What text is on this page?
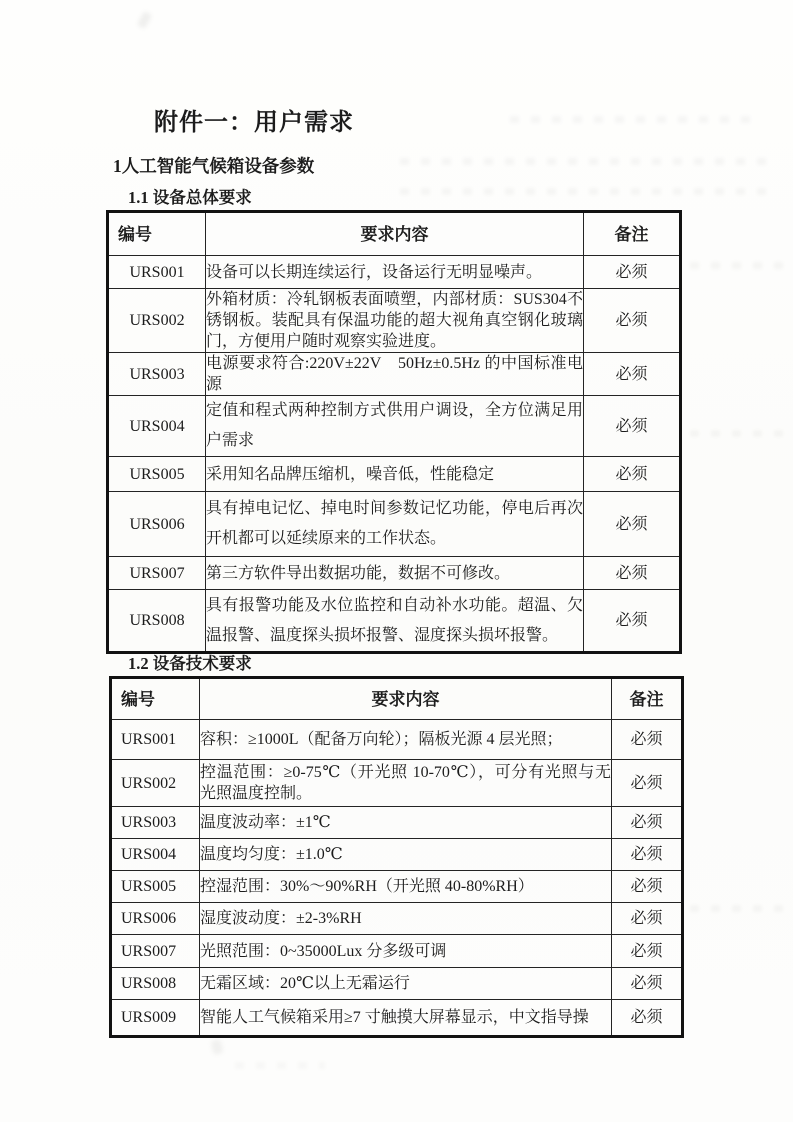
附件一：用户需求
1人工智能气候箱设备参数
1.1 设备总体要求
1.2 设备技术要求
编号	要求内容	备注
URS001	设备可以长期连续运行，设备运行无明显噪声。	必须
URS002	外箱材质：冷轧钢板表面喷塑，内部材质：SUS304不锈钢板。装配具有保温功能的超大视角真空钢化玻璃门，方便用户随时观察实验进度。	必须
URS003	电源要求符合:220V±22V　50Hz±0.5Hz 的中国标准电源	必须
URS004	定值和程式两种控制方式供用户调设，全方位满足用户需求	必须
URS005	采用知名品牌压缩机，噪音低，性能稳定	必须
URS006	具有掉电记忆、掉电时间参数记忆功能，停电后再次开机都可以延续原来的工作状态。	必须
URS007	第三方软件导出数据功能，数据不可修改。	必须
URS008	具有报警功能及水位监控和自动补水功能。超温、欠温报警、温度探头损坏报警、湿度探头损坏报警。	必须
编号	要求内容	备注
URS001	容积：≥1000L（配备万向轮）；隔板光源 4 层光照；	必须
URS002	控温范围：≥0-75℃（开光照 10-70℃），可分有光照与无光照温度控制。	必须
URS003	温度波动率：±1℃	必须
URS004	温度均匀度：±1.0℃	必须
URS005	控湿范围：30%～90%RH（开光照 40-80%RH）	必须
URS006	湿度波动度：±2-3%RH	必须
URS007	光照范围：0~35000Lux 分多级可调	必须
URS008	无霜区域：20℃以上无霜运行	必须
URS009	智能人工气候箱采用≥7 寸触摸大屏幕显示，中文指导操	必须
